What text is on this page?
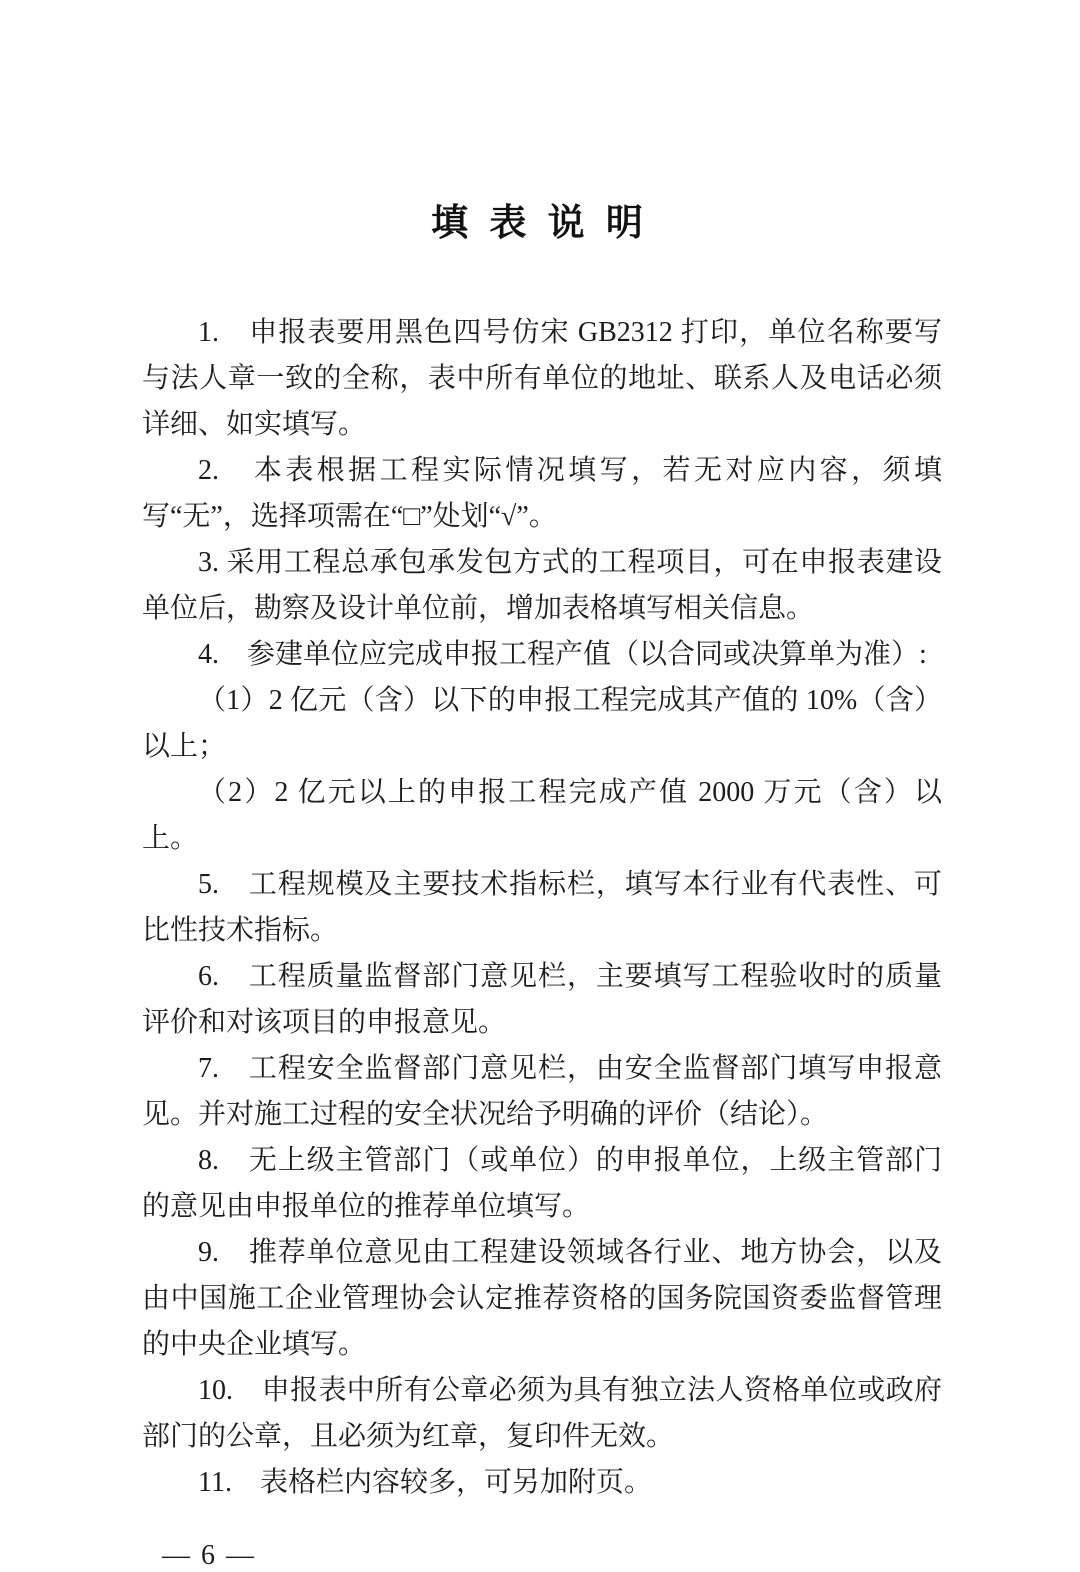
填 表 说 明

1.　申报表要用黑色四号仿宋 GB2312 打印，单位名称要写与法人章一致的全称，表中所有单位的地址、联系人及电话必须详细、如实填写。

2.　本表根据工程实际情况填写，若无对应内容，须填写“无”，选择项需在“□”处划“√”。

3. 采用工程总承包承发包方式的工程项目，可在申报表建设单位后，勘察及设计单位前，增加表格填写相关信息。

4.　参建单位应完成申报工程产值（以合同或决算单为准）:

（1）2 亿元（含）以下的申报工程完成其产值的 10%（含）以上；

（2）2 亿元以上的申报工程完成产值 2000 万元（含）以上。

5.　工程规模及主要技术指标栏，填写本行业有代表性、可比性技术指标。

6.　工程质量监督部门意见栏，主要填写工程验收时的质量评价和对该项目的申报意见。

7.　工程安全监督部门意见栏，由安全监督部门填写申报意见。并对施工过程的安全状况给予明确的评价（结论）。

8.　无上级主管部门（或单位）的申报单位，上级主管部门的意见由申报单位的推荐单位填写。

9.　推荐单位意见由工程建设领域各行业、地方协会，以及由中国施工企业管理协会认定推荐资格的国务院国资委监督管理的中央企业填写。

10.　申报表中所有公章必须为具有独立法人资格单位或政府部门的公章，且必须为红章，复印件无效。

11.　表格栏内容较多，可另加附页。

— 6 —
